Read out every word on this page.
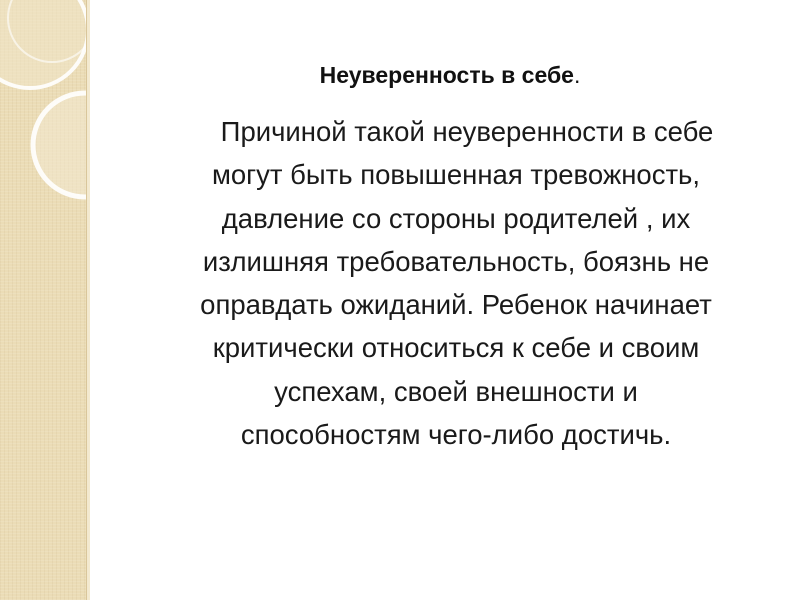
Неуверенность в себе.
Причиной такой неуверенности в себе
могут быть повышенная тревожность,
давление со стороны родителей , их
излишняя требовательность, боязнь не
оправдать ожиданий. Ребенок начинает
критически относиться к себе и своим
успехам, своей внешности и
способностям чего-либо достичь.
